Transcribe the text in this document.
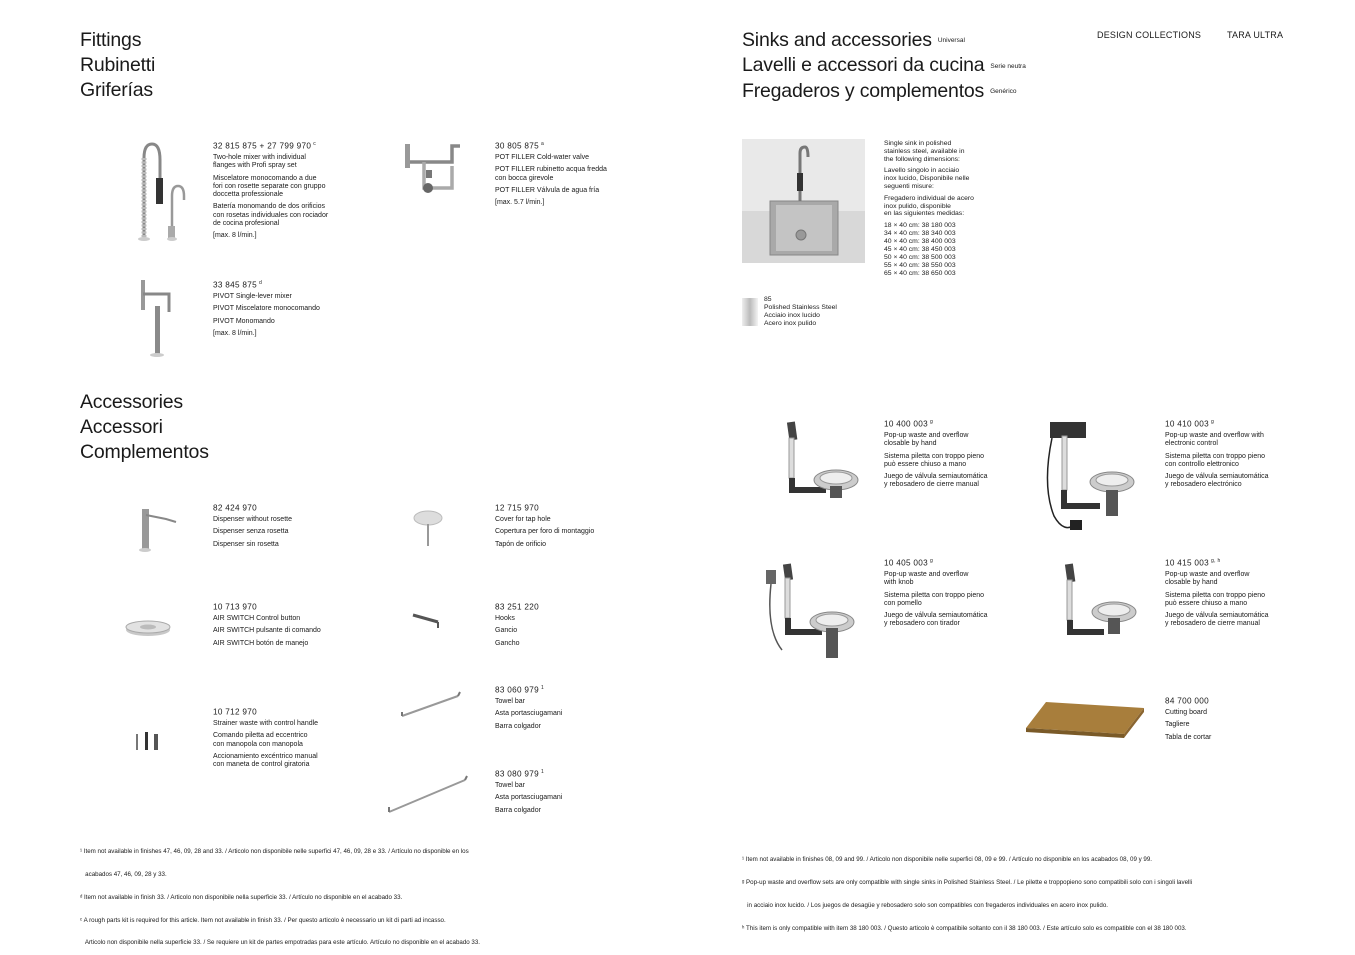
Fittings
Rubinetti
Griferías
32 815 875 + 27 799 970 $^c$
Two-hole mixer with individual
flanges with Profi spray set
Miscelatore monocomando a due
fori con rosette separate con gruppo
doccetta professionale
Batería monomando de dos orificios
con rosetas individuales con rociador
de cocina profesional
[max. 8 l/min.]
30 805 875 $^a$
POT FILLER Cold-water valve
POT FILLER rubinetto acqua fredda
con bocca girevole
POT FILLER Válvula de agua fría
[max. 5.7 l/min.]
33 845 875 $^d$
PIVOT Single-lever mixer
PIVOT Miscelatore monocomando
PIVOT Monomando
[max. 8 l/min.]
Accessories
Accessori
Complementos
82 424 970
Dispenser without rosette
Dispenser senza rosetta
Dispenser sin rosetta
12 715 970
Cover for tap hole
Copertura per foro di montaggio
Tapón de orificio
10 713 970
AIR SWITCH Control button
AIR SWITCH pulsante di comando
AIR SWITCH botón de manejo
83 251 220
Hooks
Gancio
Gancho
83 060 979 $^1$
Towel bar
Asta portasciugamani
Barra colgador
10 712 970
Strainer waste with control handle
Comando piletta ad eccentrico
con manopola con manopola
Accionamiento excéntrico manual
con maneta de control giratoria
83 080 979 $^1$
Towel bar
Asta portasciugamani
Barra colgador

¹ Item not available in finishes 47, 46, 09, 28 and 33. / Articolo non disponibile nelle superfici 47, 46, 09, 28 e 33. / Artículo no disponible en los

acabados 47, 46, 09, 28 y 33.

ᵈ Item not available in finish 33. / Articolo non disponibile nella superficie 33. / Artículo no disponible en el acabado 33.

ᶜ A rough parts kit is required for this article. Item not available in finish 33. / Per questo articolo è necessario un kit di parti ad incasso.

Articolo non disponibile nella superficie 33. / Se requiere un kit de partes empotradas para este artículo. Artículo no disponible en el acabado 33.

DESIGN COLLECTIONS	TARA ULTRA
Sinks and accessories Universal
Lavelli e accessori da cucina Serie neutra
Fregaderos y complementos Genérico

Single sink in polished
stainless steel, available in
the following dimensions:

Lavello singolo in acciaio
inox lucido, Disponibile nelle
seguenti misure:

Fregadero individual de acero
inox pulido, disponible
en las siguientes medidas:

18 × 40 cm: 38 180 003
34 × 40 cm: 38 340 003
40 × 40 cm: 38 400 003
45 × 40 cm: 38 450 003
50 × 40 cm: 38 500 003
55 × 40 cm: 38 550 003
65 × 40 cm: 38 650 003
85
Polished Stainless Steel
Acciaio inox lucido
Acero inox pulido
10 400 003 $^g$
Pop-up waste and overflow
closable by hand
Sistema piletta con troppo pieno
può essere chiuso a mano
Juego de válvula semiautomática
y rebosadero de cierre manual
10 410 003 $^g$
Pop-up waste and overflow with
electronic control
Sistema piletta con troppo pieno
con controllo elettronico
Juego de válvula semiautomática
y rebosadero electrónico
10 405 003 $^g$
Pop-up waste and overflow
with knob
Sistema piletta con troppo pieno
con pomello
Juego de válvula semiautomática
y rebosadero con tirador
10 415 003 $^{g, h}$
Pop-up waste and overflow
closable by hand
Sistema piletta con troppo pieno
può essere chiuso a mano
Juego de válvula semiautomática
y rebosadero de cierre manual
84 700 000
Cutting board
Tagliere
Tabla de cortar

¹ Item not available in finishes 08, 09 and 99. / Articolo non disponibile nelle superfici 08, 09 e 99. / Artículo no disponible en los acabados 08, 09 y 99.

ᵍ Pop-up waste and overflow sets are only compatible with single sinks in Polished Stainless Steel. / Le pilette e troppopieno sono compatibili solo con i singoli lavelli

in acciaio inox lucido. / Los juegos de desagüe y rebosadero solo son compatibles con fregaderos individuales en acero inox pulido.

ʰ This item is only compatible with item 38 180 003. / Questo articolo è compatibile soltanto con il 38 180 003. / Este artículo solo es compatible con el 38 180 003.
